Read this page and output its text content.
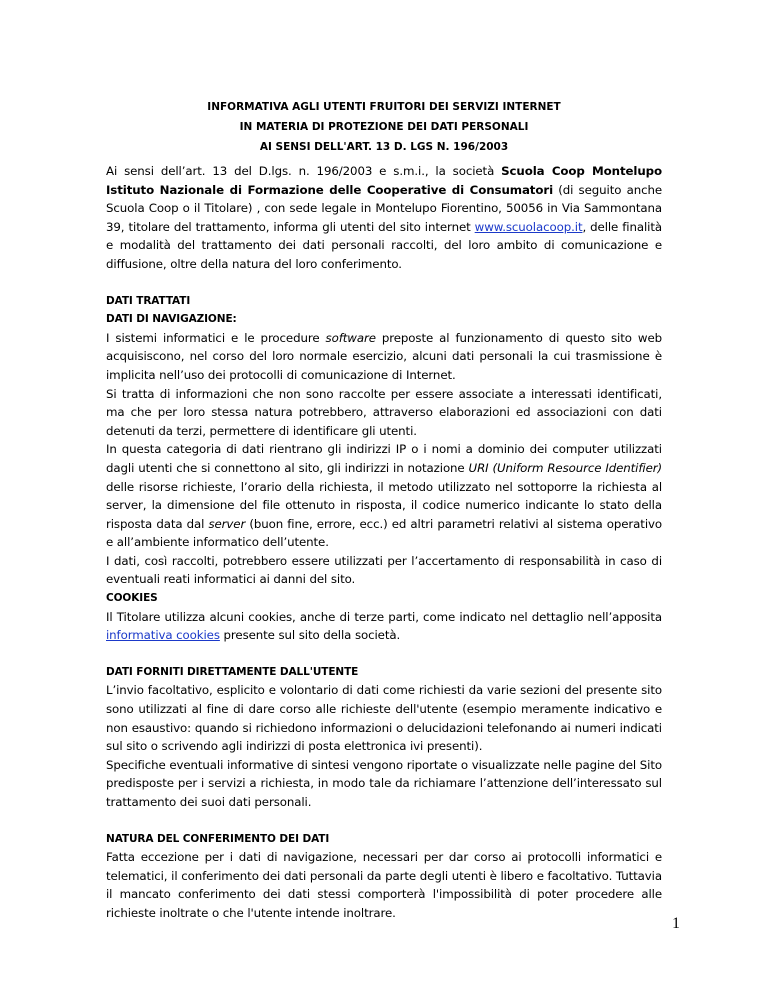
INFORMATIVA AGLI UTENTI FRUITORI DEI SERVIZI INTERNET
IN MATERIA DI PROTEZIONE DEI DATI PERSONALI
AI SENSI DELL'ART. 13 D. LGS N. 196/2003

Ai sensi dell’art. 13 del D.lgs. n. 196/2003 e s.m.i., la società Scuola Coop Montelupo Istituto Nazionale di Formazione delle Cooperative di Consumatori (di seguito anche Scuola Coop o il Titolare) , con sede legale in Montelupo Fiorentino, 50056 in Via Sammontana 39, titolare del trattamento, informa gli utenti del sito internet www.scuolacoop.it, delle finalità e modalità del trattamento dei dati personali raccolti, del loro ambito di comunicazione e diffusione, oltre della natura del loro conferimento.

DATI TRATTATI

DATI DI NAVIGAZIONE:

I sistemi informatici e le procedure software preposte al funzionamento di questo sito web acquisiscono, nel corso del loro normale esercizio, alcuni dati personali la cui trasmissione è implicita nell’uso dei protocolli di comunicazione di Internet.

Si tratta di informazioni che non sono raccolte per essere associate a interessati identificati, ma che per loro stessa natura potrebbero, attraverso elaborazioni ed associazioni con dati detenuti da terzi, permettere di identificare gli utenti.

In questa categoria di dati rientrano gli indirizzi IP o i nomi a dominio dei computer utilizzati dagli utenti che si connettono al sito, gli indirizzi in notazione URI (Uniform Resource Identifier) delle risorse richieste, l’orario della richiesta, il metodo utilizzato nel sottoporre la richiesta al server, la dimensione del file ottenuto in risposta, il codice numerico indicante lo stato della risposta data dal server (buon fine, errore, ecc.) ed altri parametri relativi al sistema operativo e all’ambiente informatico dell’utente.

I dati, così raccolti, potrebbero essere utilizzati per l’accertamento di responsabilità in caso di eventuali reati informatici ai danni del sito.

COOKIES

Il Titolare utilizza alcuni cookies, anche di terze parti, come indicato nel dettaglio nell’apposita informativa cookies presente sul sito della società.

DATI FORNITI DIRETTAMENTE DALL'UTENTE

L’invio facoltativo, esplicito e volontario di dati come richiesti da varie sezioni del presente sito sono utilizzati al fine di dare corso alle richieste dell'utente (esempio meramente indicativo e non esaustivo: quando si richiedono informazioni o delucidazioni telefonando ai numeri indicati sul sito o scrivendo agli indirizzi di posta elettronica ivi presenti).

Specifiche eventuali informative di sintesi vengono riportate o visualizzate nelle pagine del Sito predisposte per i servizi a richiesta, in modo tale da richiamare l’attenzione dell’interessato sul trattamento dei suoi dati personali.

NATURA DEL CONFERIMENTO DEI DATI

Fatta eccezione per i dati di navigazione, necessari per dar corso ai protocolli informatici e telematici, il conferimento dei dati personali da parte degli utenti è libero e facoltativo. Tuttavia il mancato conferimento dei dati stessi comporterà l'impossibilità di poter procedere alle richieste inoltrate o che l'utente intende inoltrare.

1
